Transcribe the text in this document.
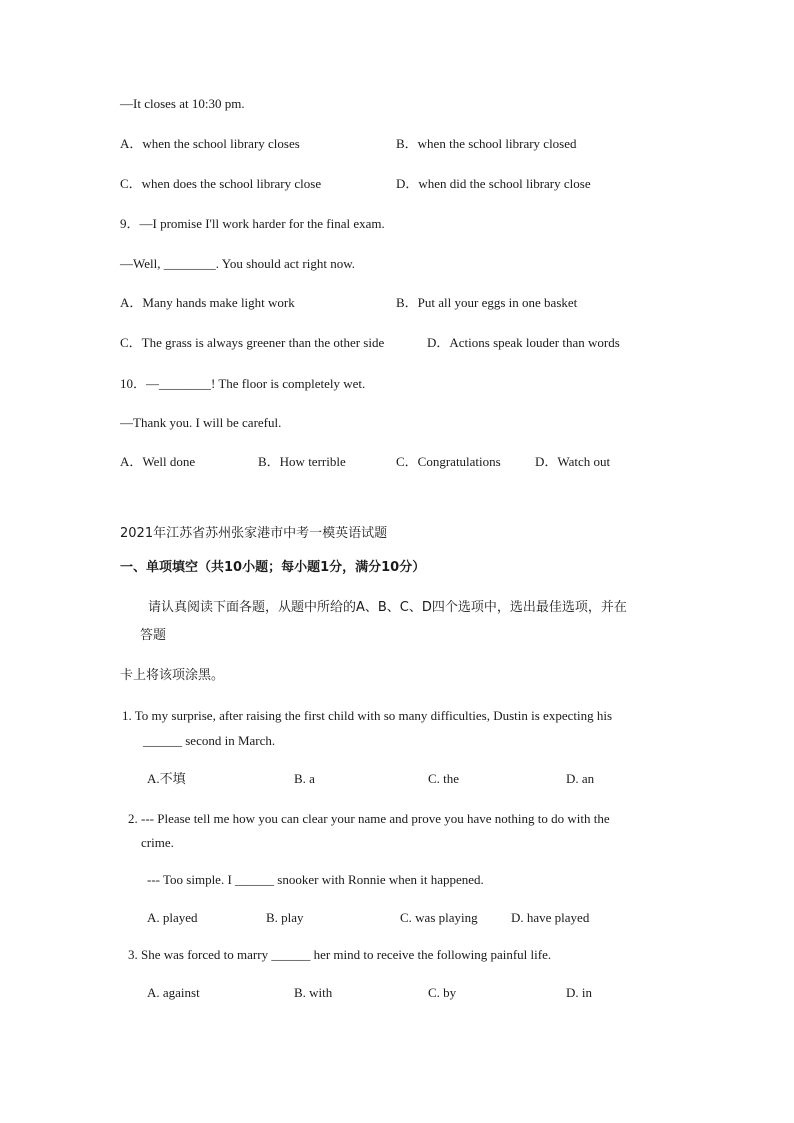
—It closes at 10:30 pm.
A．when the school library closes	B．when the school library closed
C．when does the school library close	D．when did the school library close
9．—I promise I'll work harder for the final exam.
—Well, ________. You should act right now.
A．Many hands make light work	B．Put all your eggs in one basket
C．The grass is always greener than the other side	D．Actions speak louder than words
10．—________! The floor is completely wet.
—Thank you. I will be careful.
A．Well done	B．How terrible	C．Congratulations	D．Watch out
2021年江苏省苏州张家港市中考一模英语试题
一、单项填空（共10小题；每小题1分，满分10分）
请认真阅读下面各题，从题中所给的A、B、C、D四个选项中，选出最佳选项，并在
答题
卡上将该项涂黑。
1. To my surprise, after raising the first child with so many difficulties, Dustin is expecting his
______ second in March.
A.不填	B. a	C. the	D. an
2. --- Please tell me how you can clear your name and prove you have nothing to do with the
crime.
--- Too simple. I ______ snooker with Ronnie when it happened.
A. played	B. play	C. was playing	D. have played
3. She was forced to marry ______ her mind to receive the following painful life.
A. against	B. with	C. by	D. in
